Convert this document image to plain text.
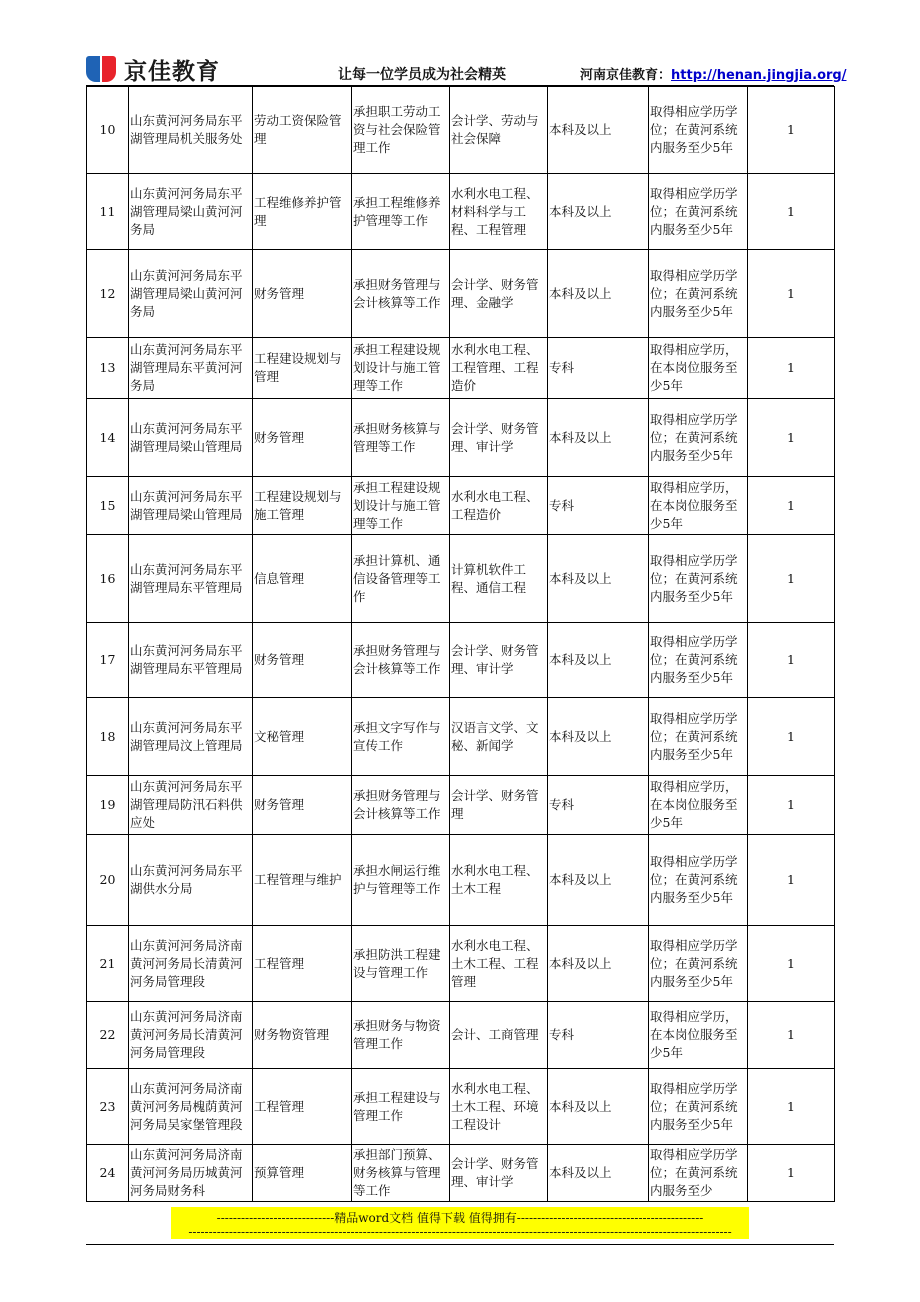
京佳教育	让每一位学员成为社会精英	河南京佳教育：http://henan.jingjia.org/
10	山东黄河河务局东平湖管理局机关服务处	劳动工资保险管理	承担职工劳动工资与社会保险管理工作	会计学、劳动与社会保障	本科及以上	取得相应学历学位；在黄河系统内服务至少5年	1
11	山东黄河河务局东平湖管理局梁山黄河河务局	工程维修养护管理	承担工程维修养护管理等工作	水利水电工程、材料科学与工程、工程管理	本科及以上	取得相应学历学位；在黄河系统内服务至少5年	1
12	山东黄河河务局东平湖管理局梁山黄河河务局	财务管理	承担财务管理与会计核算等工作	会计学、财务管理、金融学	本科及以上	取得相应学历学位；在黄河系统内服务至少5年	1
13	山东黄河河务局东平湖管理局东平黄河河务局	工程建设规划与管理	承担工程建设规划设计与施工管理等工作	水利水电工程、工程管理、工程造价	专科	取得相应学历，在本岗位服务至少5年	1
14	山东黄河河务局东平湖管理局梁山管理局	财务管理	承担财务核算与管理等工作	会计学、财务管理、审计学	本科及以上	取得相应学历学位；在黄河系统内服务至少5年	1
15	山东黄河河务局东平湖管理局梁山管理局	工程建设规划与施工管理	承担工程建设规划设计与施工管理等工作	水利水电工程、工程造价	专科	取得相应学历，在本岗位服务至少5年	1
16	山东黄河河务局东平湖管理局东平管理局	信息管理	承担计算机、通信设备管理等工作	计算机软件工程、通信工程	本科及以上	取得相应学历学位；在黄河系统内服务至少5年	1
17	山东黄河河务局东平湖管理局东平管理局	财务管理	承担财务管理与会计核算等工作	会计学、财务管理、审计学	本科及以上	取得相应学历学位；在黄河系统内服务至少5年	1
18	山东黄河河务局东平湖管理局汶上管理局	文秘管理	承担文字写作与宣传工作	汉语言文学、文秘、新闻学	本科及以上	取得相应学历学位；在黄河系统内服务至少5年	1
19	山东黄河河务局东平湖管理局防汛石料供应处	财务管理	承担财务管理与会计核算等工作	会计学、财务管理	专科	取得相应学历，在本岗位服务至少5年	1
20	山东黄河河务局东平湖供水分局	工程管理与维护	承担水闸运行维护与管理等工作	水利水电工程、土木工程	本科及以上	取得相应学历学位；在黄河系统内服务至少5年	1
21	山东黄河河务局济南黄河河务局长清黄河河务局管理段	工程管理	承担防洪工程建设与管理工作	水利水电工程、土木工程、工程管理	本科及以上	取得相应学历学位；在黄河系统内服务至少5年	1
22	山东黄河河务局济南黄河河务局长清黄河河务局管理段	财务物资管理	承担财务与物资管理工作	会计、工商管理	专科	取得相应学历，在本岗位服务至少5年	1
23	山东黄河河务局济南黄河河务局槐荫黄河河务局吴家堡管理段	工程管理	承担工程建设与管理工作	水利水电工程、土木工程、环境工程设计	本科及以上	取得相应学历学位；在黄河系统内服务至少5年	1
24	山东黄河河务局济南黄河河务局历城黄河河务局财务科	预算管理	承担部门预算、财务核算与管理等工作	会计学、财务管理、审计学	本科及以上	取得相应学历学位；在黄河系统内服务至少	1
-----------------------------精品word文档 值得下载 值得拥有----------------------------------------------
--------------------------------------------------------------------------------------------------------------------------------------
